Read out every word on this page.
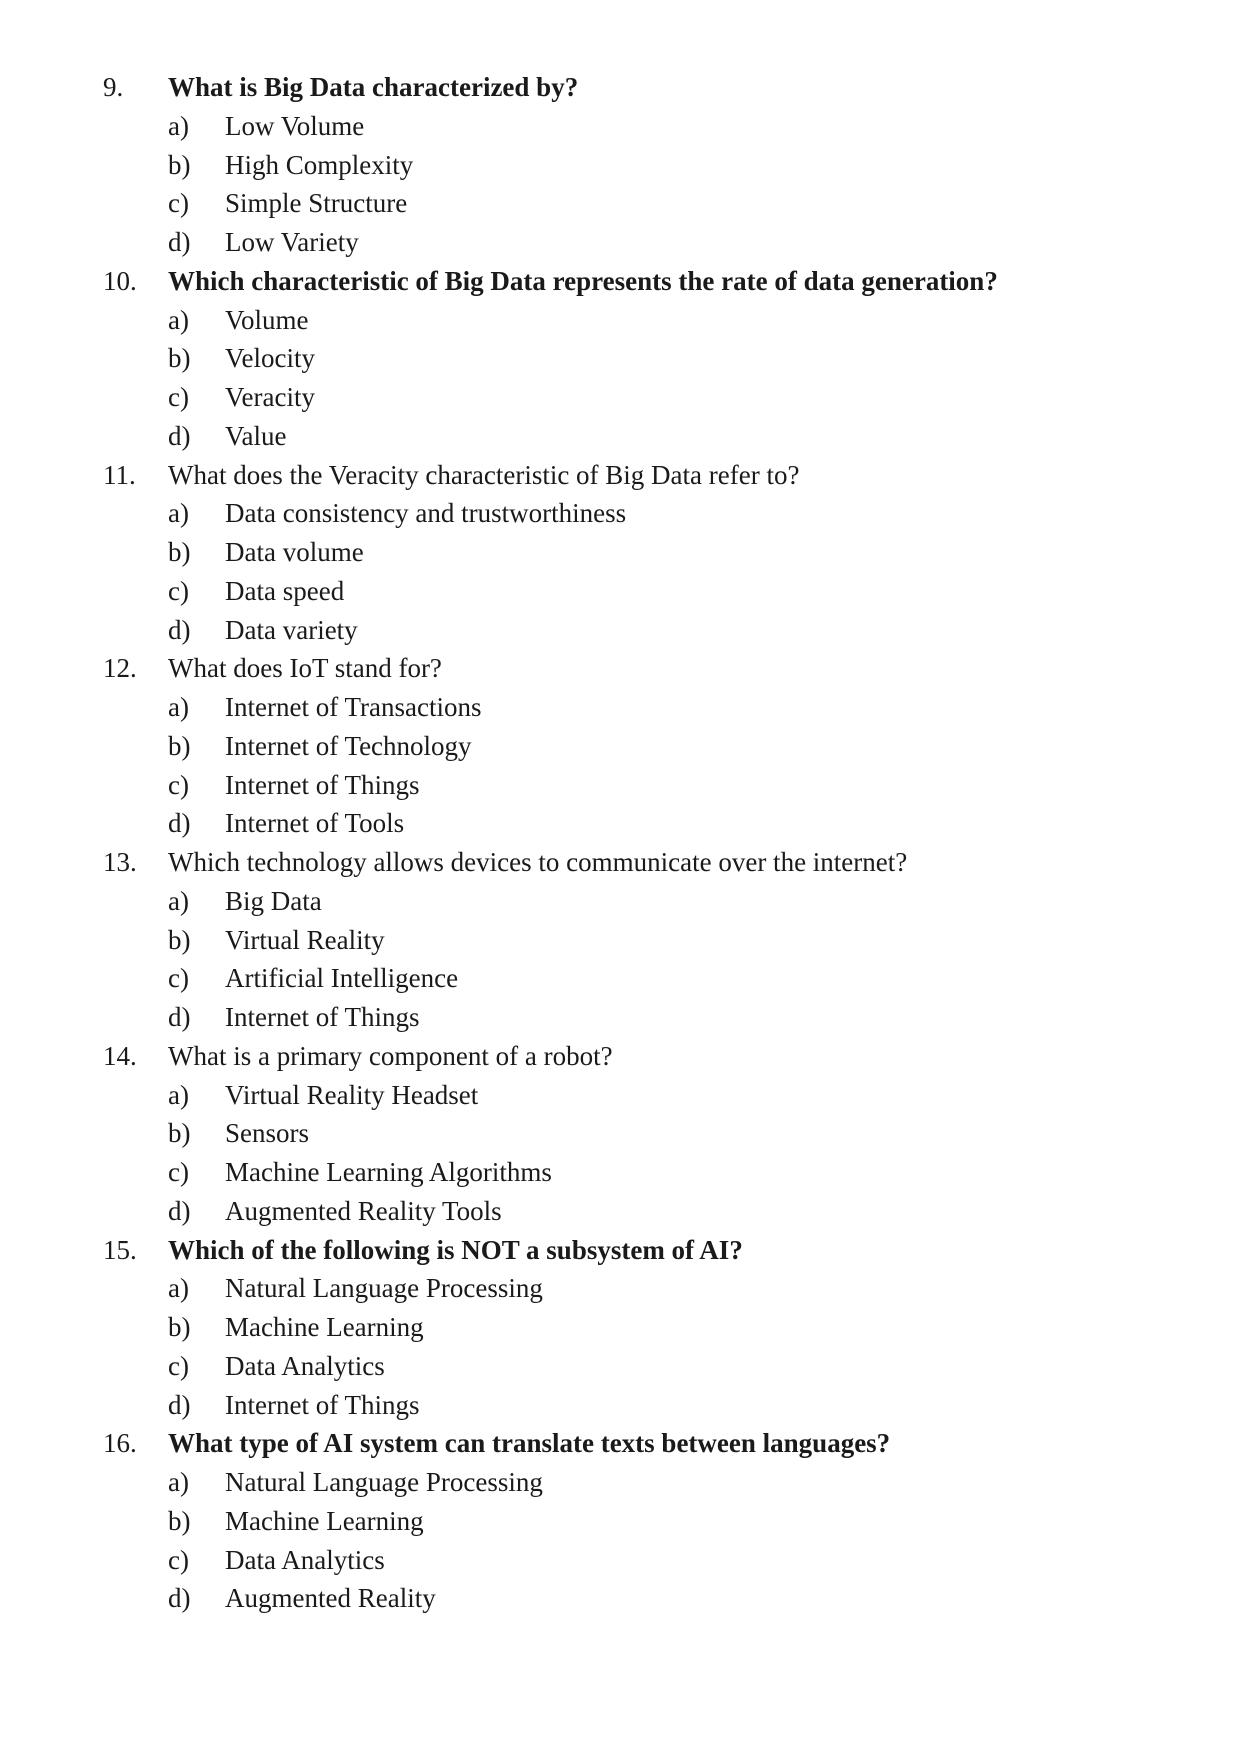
9. What is Big Data characterized by?
a) Low Volume
b) High Complexity
c) Simple Structure
d) Low Variety
10. Which characteristic of Big Data represents the rate of data generation?
a) Volume
b) Velocity
c) Veracity
d) Value
11. What does the Veracity characteristic of Big Data refer to?
a) Data consistency and trustworthiness
b) Data volume
c) Data speed
d) Data variety
12. What does IoT stand for?
a) Internet of Transactions
b) Internet of Technology
c) Internet of Things
d) Internet of Tools
13. Which technology allows devices to communicate over the internet?
a) Big Data
b) Virtual Reality
c) Artificial Intelligence
d) Internet of Things
14. What is a primary component of a robot?
a) Virtual Reality Headset
b) Sensors
c) Machine Learning Algorithms
d) Augmented Reality Tools
15. Which of the following is NOT a subsystem of AI?
a) Natural Language Processing
b) Machine Learning
c) Data Analytics
d) Internet of Things
16. What type of AI system can translate texts between languages?
a) Natural Language Processing
b) Machine Learning
c) Data Analytics
d) Augmented Reality
